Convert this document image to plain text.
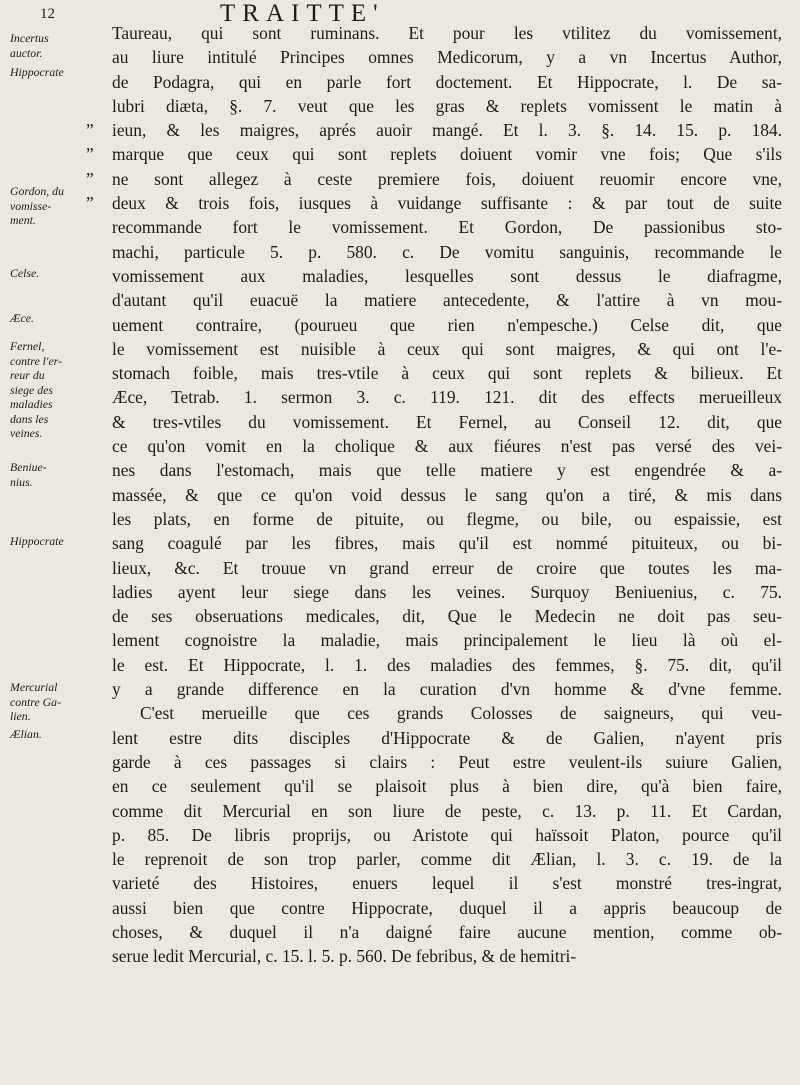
12	TRAITTE'
Incertus
auctor.
Hippocrate
Gordon, du
vomisse-
ment.
Celse.
Æce.
Fernel,
contre l'er-
reur du
siege des
maladies
dans les
veines.
Beniue-
nius.
Hippocrate
Mercurial
contre Ga-
lien.
Ælian.
Taureau, qui sont ruminans. Et pour les vtilitez du vomissement,
au liure intitulé Principes omnes Medicorum, y a vn Incertus Author,
de Podagra, qui en parle fort doctement. Et Hippocrate, l. De sa-
lubri diæta, §. 7. veut que les gras & replets vomissent le matin à
” ieun, & les maigres, aprés auoir mangé. Et l. 3. §. 14. 15. p. 184.
” marque que ceux qui sont replets doiuent vomir vne fois; Que s'ils
” ne sont allegez à ceste premiere fois, doiuent reuomir encore vne,
” deux & trois fois, iusques à vuidange suffisante : & par tout de suite
recommande fort le vomissement. Et Gordon, De passionibus sto-
machi, particule 5. p. 580. c. De vomitu sanguinis, recommande le
vomissement aux maladies, lesquelles sont dessus le diafragme,
d'autant qu'il euacuë la matiere antecedente, & l'attire à vn mou-
uement contraire, (pourueu que rien n'empesche.) Celse dit, que
le vomissement est nuisible à ceux qui sont maigres, & qui ont l'e-
stomach foible, mais tres-vtile à ceux qui sont replets & bilieux. Et
Æce, Tetrab. 1. sermon 3. c. 119. 121. dit des effects merueilleux
& tres-vtiles du vomissement. Et Fernel, au Conseil 12. dit, que
ce qu'on vomit en la cholique & aux fiéures n'est pas versé des vei-
nes dans l'estomach, mais que telle matiere y est engendrée & a-
massée, & que ce qu'on void dessus le sang qu'on a tiré, & mis dans
les plats, en forme de pituite, ou flegme, ou bile, ou espaissie, est
sang coagulé par les fibres, mais qu'il est nommé pituiteux, ou bi-
lieux, &c. Et trouue vn grand erreur de croire que toutes les ma-
ladies ayent leur siege dans les veines. Surquoy Beniuenius, c. 75.
de ses obseruations medicales, dit, Que le Medecin ne doit pas seu-
lement cognoistre la maladie, mais principalement le lieu là où el-
le est. Et Hippocrate, l. 1. des maladies des femmes, §. 75. dit, qu'il
y a grande difference en la curation d'vn homme & d'vne femme.
C'est merueille que ces grands Colosses de saigneurs, qui veu-
lent estre dits disciples d'Hippocrate & de Galien, n'ayent pris
garde à ces passages si clairs : Peut estre veulent-ils suiure Galien,
en ce seulement qu'il se plaisoit plus à bien dire, qu'à bien faire,
comme dit Mercurial en son liure de peste, c. 13. p. 11. Et Cardan,
p. 85. De libris proprijs, ou Aristote qui haïssoit Platon, pource qu'il
le reprenoit de son trop parler, comme dit Ælian, l. 3. c. 19. de la
varieté des Histoires, enuers lequel il s'est monstré tres-ingrat,
aussi bien que contre Hippocrate, duquel il a appris beaucoup de
choses, & duquel il n'a daigné faire aucune mention, comme ob-
serue ledit Mercurial, c. 15. l. 5. p. 560. De febribus, & de hemitri-
